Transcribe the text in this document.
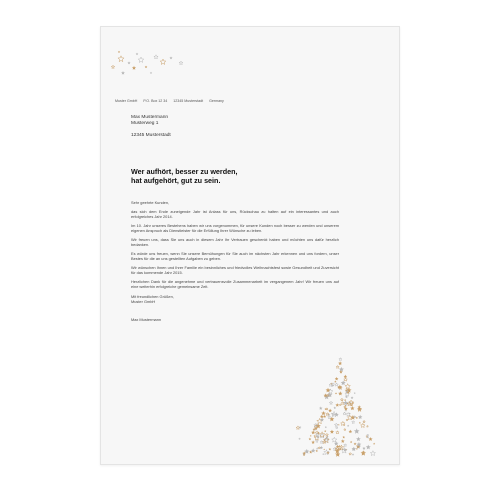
Muster GmbH P.O. Box 12 34 12345 Musterstadt Germany
Max Mustermann
Musterweg 1
12345 Musterstadt
Wer aufhört, besser zu werden,
hat aufgehört, gut zu sein.

Sehr geehrte Kunden,

das sich dem Ende zuneigende Jahr ist Anlass für uns, Rückschau zu halten auf ein interessantes und auch erfolgreiches Jahr 2014.

Im 10. Jahr unseres Bestehens haben wir uns vorgenommen, für unsere Kunden noch besser zu werden und unserem eigenen Anspruch als Dienstleister für die Erfüllung Ihrer Wünsche zu leben.

Wir freuen uns, dass Sie uns auch in diesem Jahr Ihr Vertrauen geschenkt haben und möchten uns dafür herzlich bedanken.

Es würde uns freuen, wenn Sie unsere Bemühungen für Sie auch im nächsten Jahr erkennen und uns fordern, unser Bestes für die an uns gestellten Aufgaben zu geben.

Wir wünschen Ihnen und Ihrer Familie ein besinnliches und friedvolles Weihnachtsfest sowie Gesundheit und Zuversicht für das kommende Jahr 2015.

Herzlichen Dank für die angenehme und vertrauensvolle Zusammenarbeit im vergangenem Jahr! Wir freuen uns auf eine weiterhin erfolgreiche gemeinsame Zeit.

Mit freundlichen Grüßen,
Muster GmbH

Max Mustermann
